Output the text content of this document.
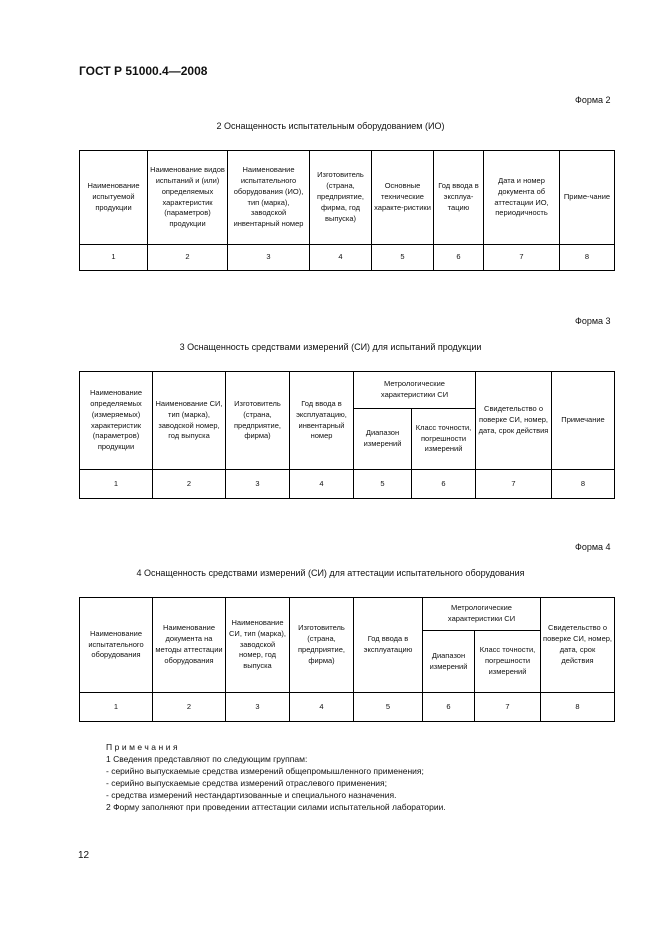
ГОСТ Р 51000.4—2008
Форма 2
2 Оснащенность испытательным оборудованием (ИО)
Наименование испытуемой продукции	Наименование видов испытаний и (или) определяемых характеристик (параметров) продукции	Наименование испытательного оборудования (ИО), тип (марка), заводской инвентарный номер	Изготовитель (страна, предприятие, фирма, год выпуска)	Основные технические характе-ристики	Год ввода в эксплуа-тацию	Дата и номер документа об аттестации ИО, периодичность	Приме-чание
1	2	3	4	5	6	7	8
Форма 3
3 Оснащенность средствами измерений (СИ) для испытаний продукции
Наименование определяемых (измеряемых) характеристик (параметров) продукции	Наименование СИ, тип (марка), заводской номер, год выпуска	Изготовитель (страна, предприятие, фирма)	Год ввода в эксплуатацию, инвентарный номер	Метрологические характеристики СИ		Свидетельство о поверке СИ, номер, дата, срок действия	Примечание
				Диапазон измерений	Класс точности, погрешности измерений		
1	2	3	4	5	6	7	8
Форма 4
4 Оснащенность средствами измерений (СИ) для аттестации испытательного оборудования
Наименование испытательного оборудования	Наименование документа на методы аттестации оборудования	Наименование СИ, тип (марка), заводской номер, год выпуска	Изготовитель (страна, предприятие, фирма)	Год ввода в эксплуатацию	Метрологические характеристики СИ		Свидетельство о поверке СИ, номер, дата, срок действия
					Диапазон измерений	Класс точности, погрешности измерений	
1	2	3	4	5	6	7	8
Примечания
1 Сведения представляют по следующим группам:
- серийно выпускаемые средства измерений общепромышленного применения;
- серийно выпускаемые средства измерений отраслевого применения;
- средства измерений нестандартизованные и специального назначения.
2 Форму заполняют при проведении аттестации силами испытательной лаборатории.
12
